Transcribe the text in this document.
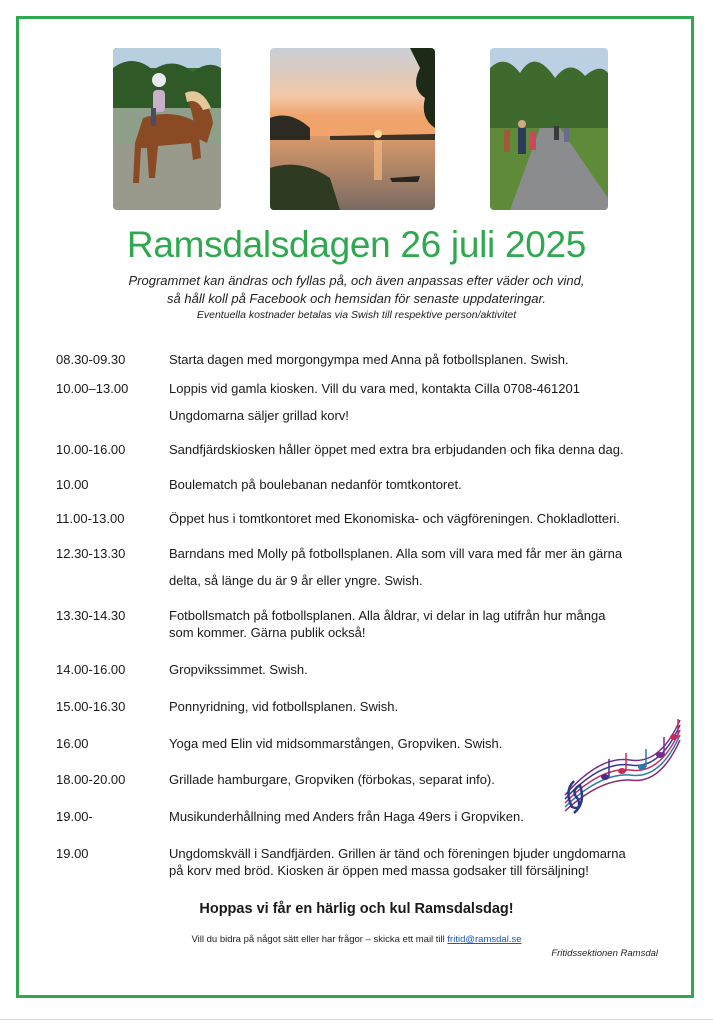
Ramsdalsdagen 26 juli 2025
Programmet kan ändras och fyllas på, och även anpassas efter väder och vind,
så håll koll på Facebook och hemsidan för senaste uppdateringar.
Eventuella kostnader betalas via Swish till respektive person/aktivitet
08.30-09.30	Starta dagen med morgongympa med Anna på fotbollsplanen. Swish.
10.00–13.00	Loppis vid gamla kiosken. Vill du vara med, kontakta Cilla 0708-461201
Ungdomarna säljer grillad korv!
10.00-16.00	Sandfjärdskiosken håller öppet med extra bra erbjudanden och fika denna dag.
10.00	Boulematch på boulebanan nedanför tomtkontoret.
11.00-13.00	Öppet hus i tomtkontoret med Ekonomiska- och vägföreningen. Chokladlotteri.
12.30-13.30	Barndans med Molly på fotbollsplanen. Alla som vill vara med får mer än gärna
delta, så länge du är 9 år eller yngre. Swish.
13.30-14.30	Fotbollsmatch på fotbollsplanen. Alla åldrar, vi delar in lag utifrån hur många
som kommer. Gärna publik också!
14.00-16.00	Gropvikssimmet. Swish.
15.00-16.30	Ponnyridning, vid fotbollsplanen. Swish.
16.00	Yoga med Elin vid midsommarstången, Gropviken. Swish.
18.00-20.00	Grillade hamburgare, Gropviken (förbokas, separat info).
19.00-	Musikunderhållning med Anders från Haga 49ers i Gropviken.
19.00	Ungdomskväll i Sandfjärden. Grillen är tänd och föreningen bjuder ungdomarna
på korv med bröd. Kiosken är öppen med massa godsaker till försäljning!
Hoppas vi får en härlig och kul Ramsdalsdag!
Vill du bidra på något sätt eller har frågor – skicka ett mail till fritid@ramsdal.se
Fritidssektionen Ramsdal
